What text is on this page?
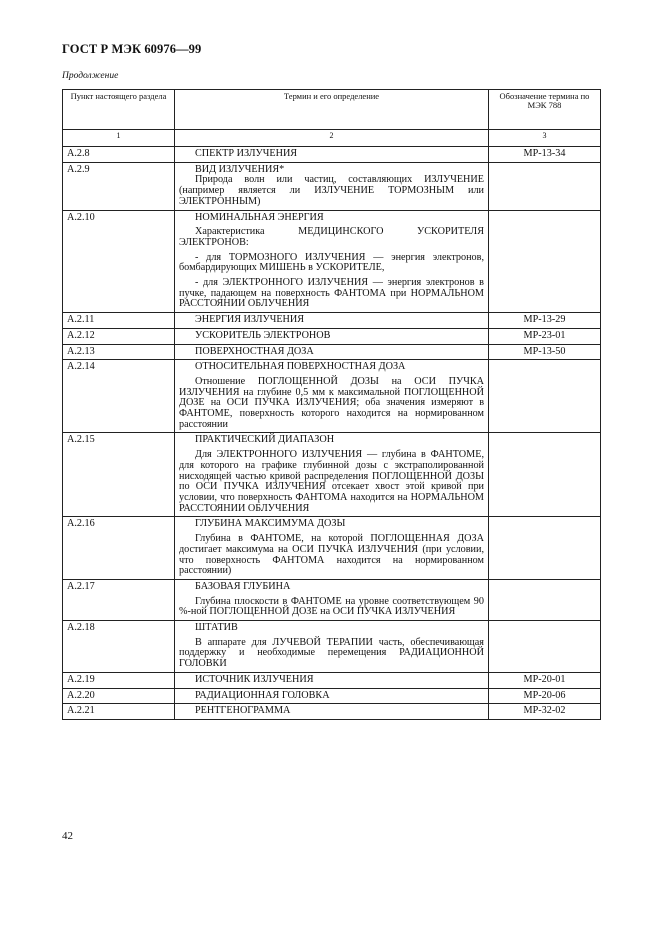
ГОСТ Р МЭК 60976—99
Продолжение
Пункт настоящего раздела	Термин и его определение	Обозначение термина по МЭК 788
1	2	3
А.2.8	СПЕКТР ИЗЛУЧЕНИЯ	MP-13-34
А.2.9	ВИД ИЗЛУЧЕНИЯ*
Природа волн или частиц, составляющих ИЗЛУЧЕНИЕ (например является ли ИЗЛУЧЕНИЕ ТОРМОЗНЫМ или ЭЛЕКТРОННЫМ)	

А.2.10	НОМИНАЛЬНАЯ ЭНЕРГИЯ
Характеристика МЕДИЦИНСКОГО УСКОРИТЕЛЯ ЭЛЕКТРОНОВ:
- для ТОРМОЗНОГО ИЗЛУЧЕНИЯ — энергия электронов, бомбардирующих МИШЕНЬ в УСКОРИТЕЛЕ,
- для ЭЛЕКТРОННОГО ИЗЛУЧЕНИЯ — энергия электронов в пучке, падающем на поверхность ФАНТОМА при НОРМАЛЬНОМ РАССТОЯНИИ ОБЛУЧЕНИЯ	

А.2.11	ЭНЕРГИЯ ИЗЛУЧЕНИЯ	MP-13-29
А.2.12	УСКОРИТЕЛЬ ЭЛЕКТРОНОВ	MP-23-01
А.2.13	ПОВЕРХНОСТНАЯ ДОЗА	MP-13-50
А.2.14	ОТНОСИТЕЛЬНАЯ ПОВЕРХНОСТНАЯ ДОЗА
Отношение ПОГЛОЩЕННОЙ ДОЗЫ на ОСИ ПУЧКА ИЗЛУЧЕНИЯ на глубине 0,5 мм к максимальной ПОГЛОЩЕННОЙ ДОЗЕ на ОСИ ПУЧКА ИЗЛУЧЕНИЯ; оба значения измеряют в ФАНТОМЕ, поверхность которого находится на нормированном расстоянии	

А.2.15	ПРАКТИЧЕСКИЙ ДИАПАЗОН
Для ЭЛЕКТРОННОГО ИЗЛУЧЕНИЯ — глубина в ФАНТОМЕ, для которого на графике глубинной дозы с экстраполированной нисходящей частью кривой распределения ПОГЛОЩЕННОЙ ДОЗЫ по ОСИ ПУЧКА ИЗЛУЧЕНИЯ отсекает хвост этой кривой при условии, что поверхность ФАНТОМА находится на НОРМАЛЬНОМ РАССТОЯНИИ ОБЛУЧЕНИЯ	

А.2.16	ГЛУБИНА МАКСИМУМА ДОЗЫ
Глубина в ФАНТОМЕ, на которой ПОГЛОЩЕННАЯ ДОЗА достигает максимума на ОСИ ПУЧКА ИЗЛУЧЕНИЯ (при условии, что поверхность ФАНТОМА находится на нормированном расстоянии)	

А.2.17	БАЗОВАЯ ГЛУБИНА
Глубина плоскости в ФАНТОМЕ на уровне соответствующем 90 %-ной ПОГЛОЩЕННОЙ ДОЗЕ на ОСИ ПУЧКА ИЗЛУЧЕНИЯ	

А.2.18	ШТАТИВ
В аппарате для ЛУЧЕВОЙ ТЕРАПИИ часть, обеспечивающая поддержку и необходимые перемещения РАДИАЦИОННОЙ ГОЛОВКИ	

А.2.19	ИСТОЧНИК ИЗЛУЧЕНИЯ	MP-20-01
А.2.20	РАДИАЦИОННАЯ ГОЛОВКА	MP-20-06
А.2.21	РЕНТГЕНОГРАММА	MP-32-02
42
